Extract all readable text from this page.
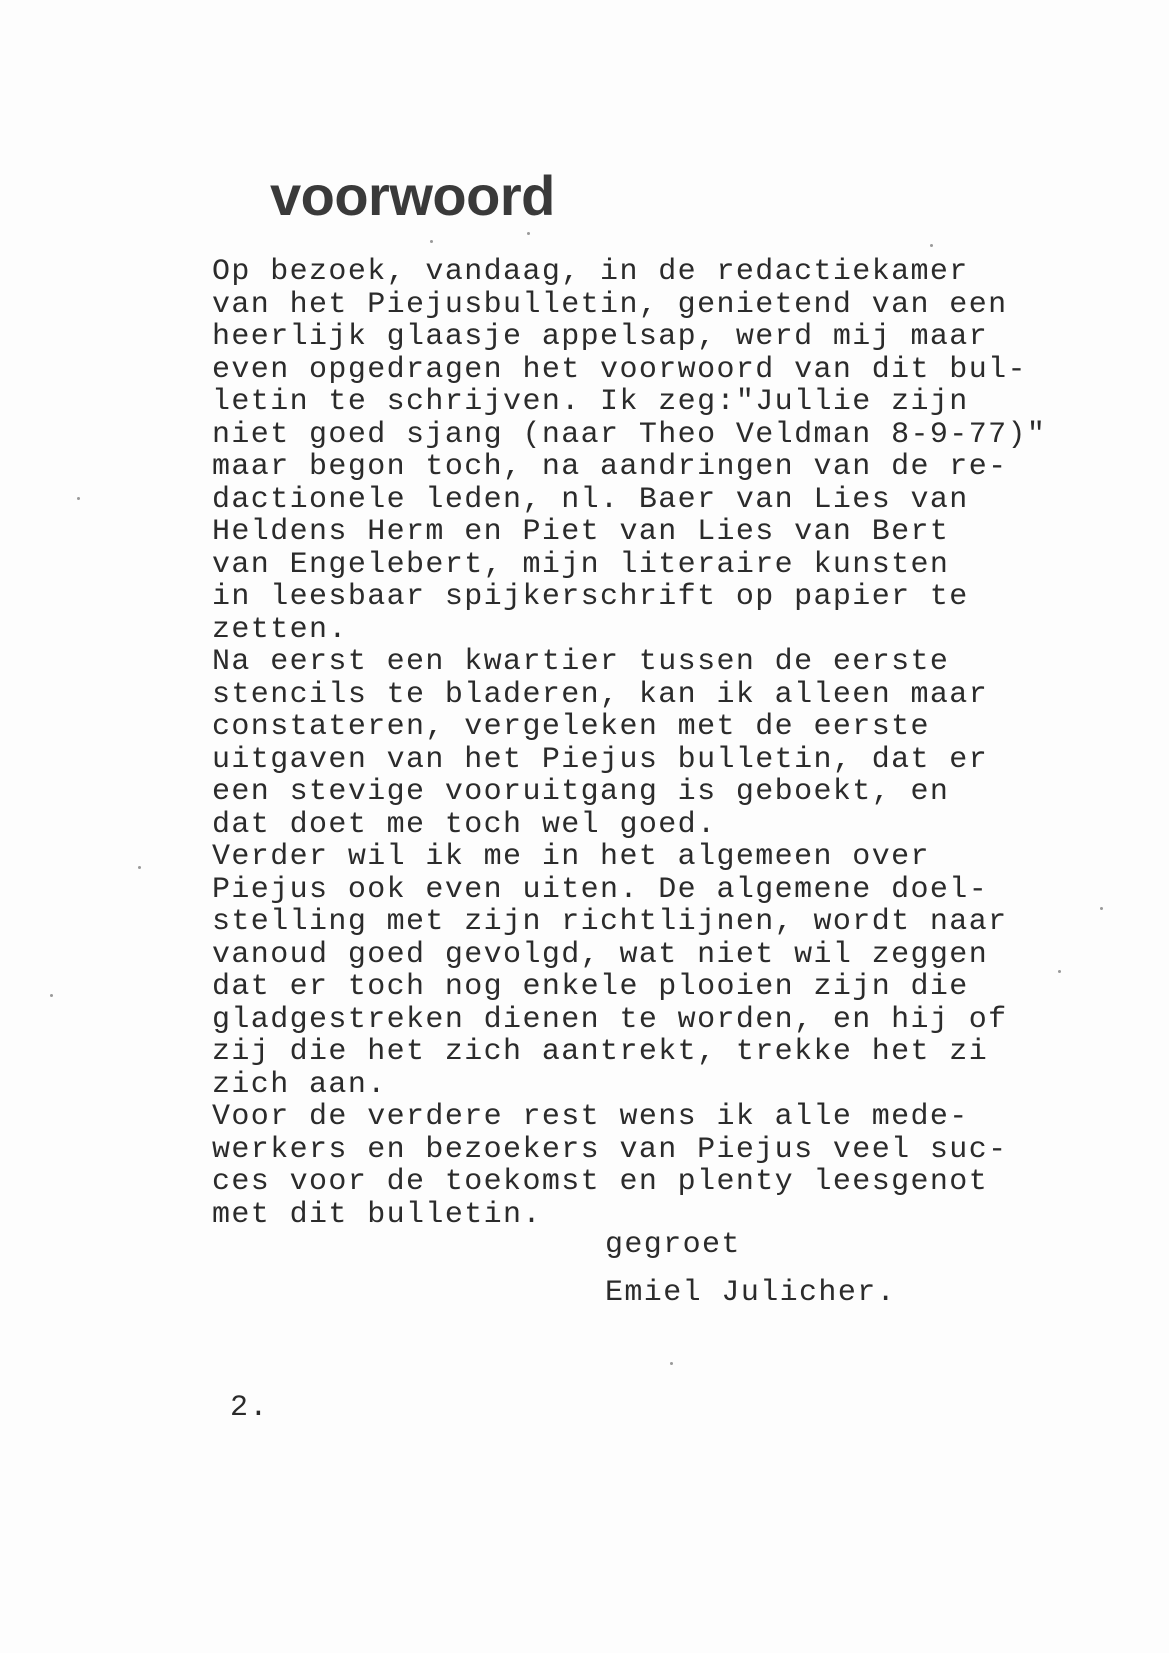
voorwoord
Op bezoek, vandaag, in de redactiekamer
van het Piejusbulletin, genietend van een
heerlijk glaasje appelsap, werd mij maar
even opgedragen het voorwoord van dit bul-
letin te schrijven. Ik zeg:"Jullie zijn
niet goed sjang (naar Theo Veldman 8-9-77)"
maar begon toch, na aandringen van de re-
dactionele leden, nl. Baer van Lies van
Heldens Herm en Piet van Lies van Bert
van Engelebert, mijn literaire kunsten
in leesbaar spijkerschrift op papier te
zetten.
Na eerst een kwartier tussen de eerste
stencils te bladeren, kan ik alleen maar
constateren, vergeleken met de eerste
uitgaven van het Piejus bulletin, dat er
een stevige vooruitgang is geboekt, en
dat doet me toch wel goed.
Verder wil ik me in het algemeen over
Piejus ook even uiten. De algemene doel-
stelling met zijn richtlijnen, wordt naar
vanoud goed gevolgd, wat niet wil zeggen
dat er toch nog enkele plooien zijn die
gladgestreken dienen te worden, en hij of
zij die het zich aantrekt, trekke het zi
zich aan.
Voor de verdere rest wens ik alle mede-
werkers en bezoekers van Piejus veel suc-
ces voor de toekomst en plenty leesgenot
met dit bulletin.
gegroet
Emiel Julicher.
2.
